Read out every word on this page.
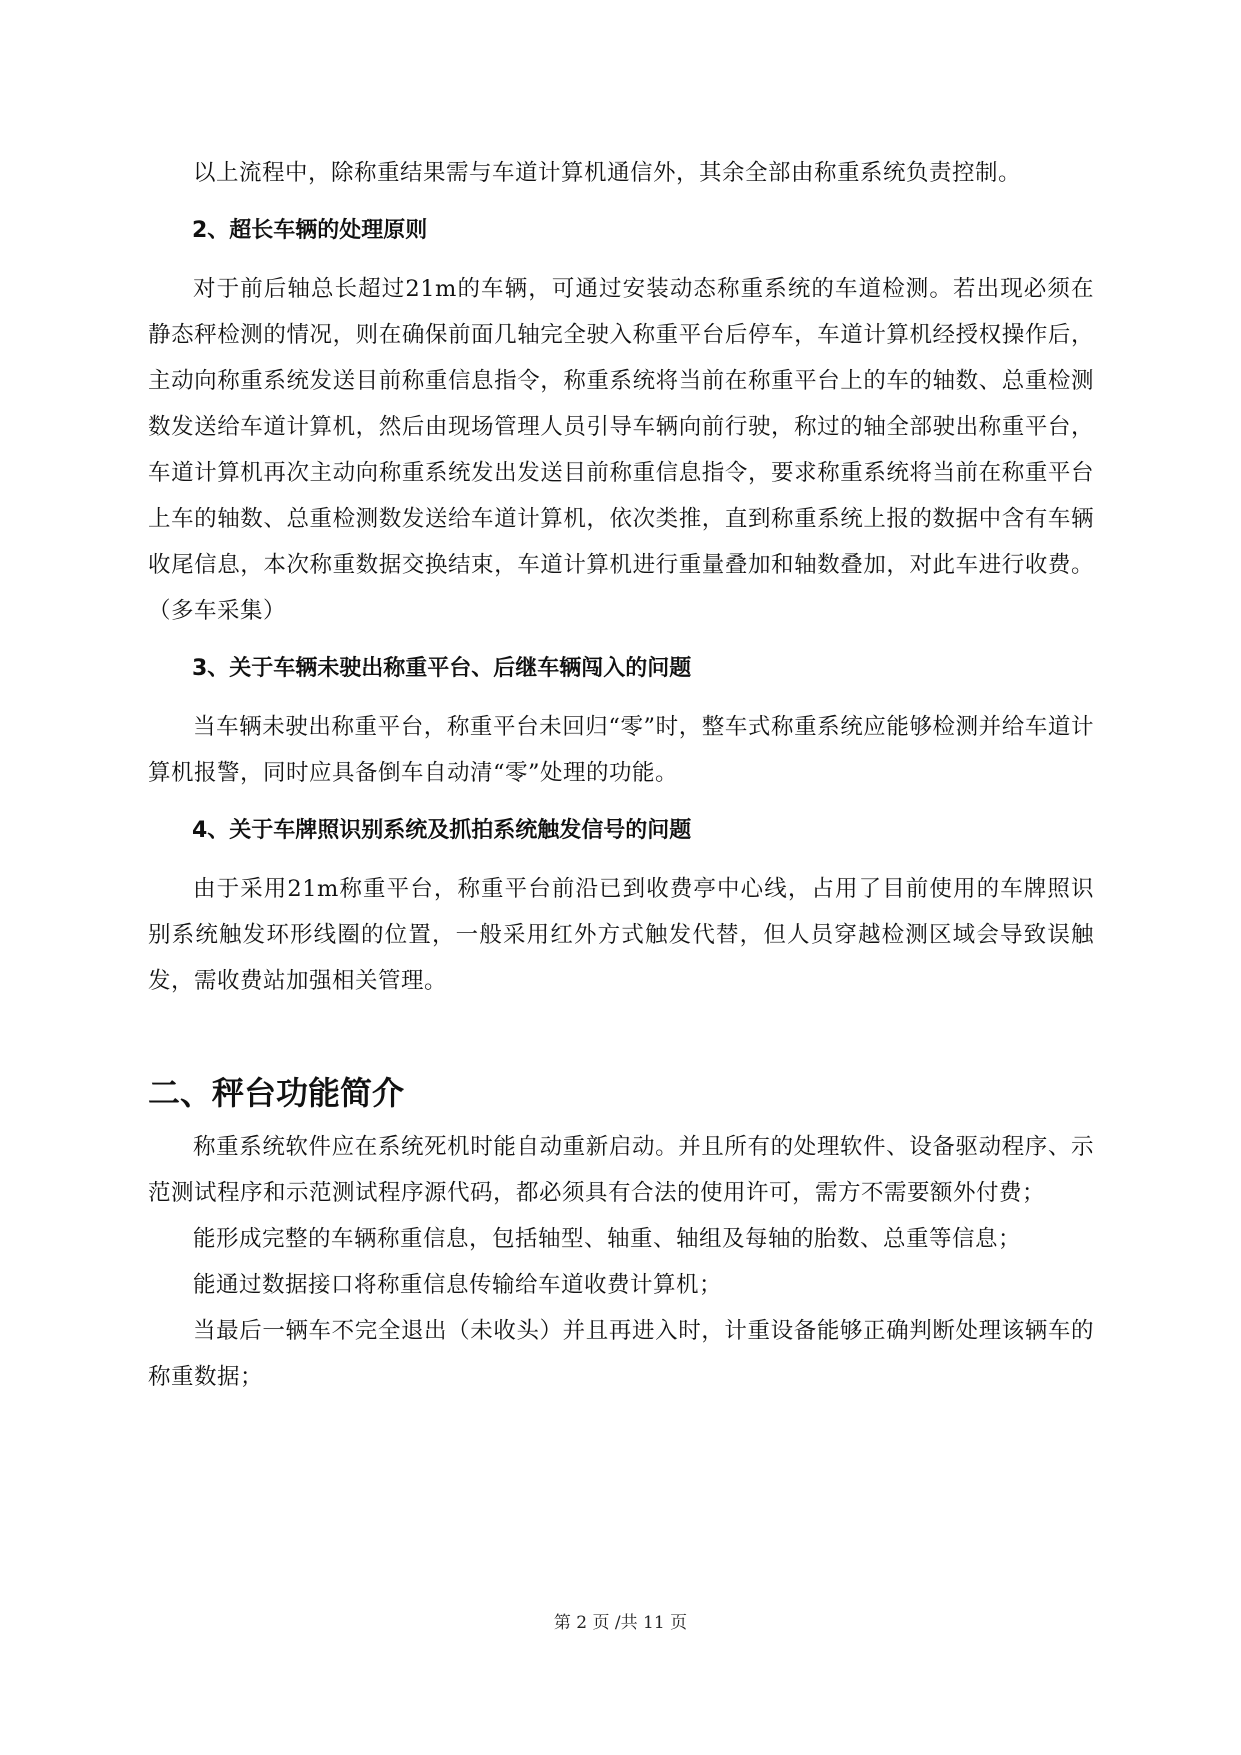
以上流程中，除称重结果需与车道计算机通信外，其余全部由称重系统负责控制。

2、超长车辆的处理原则

对于前后轴总长超过21m的车辆，可通过安装动态称重系统的车道检测。若出现必须在静态秤检测的情况，则在确保前面几轴完全驶入称重平台后停车，车道计算机经授权操作后，主动向称重系统发送目前称重信息指令，称重系统将当前在称重平台上的车的轴数、总重检测数发送给车道计算机，然后由现场管理人员引导车辆向前行驶，称过的轴全部驶出称重平台，车道计算机再次主动向称重系统发出发送目前称重信息指令，要求称重系统将当前在称重平台上车的轴数、总重检测数发送给车道计算机，依次类推，直到称重系统上报的数据中含有车辆收尾信息，本次称重数据交换结束，车道计算机进行重量叠加和轴数叠加，对此车进行收费。（多车采集）

3、关于车辆未驶出称重平台、后继车辆闯入的问题

当车辆未驶出称重平台，称重平台未回归“零”时，整车式称重系统应能够检测并给车道计算机报警，同时应具备倒车自动清“零”处理的功能。

4、关于车牌照识别系统及抓拍系统触发信号的问题

由于采用21m称重平台，称重平台前沿已到收费亭中心线，占用了目前使用的车牌照识别系统触发环形线圈的位置，一般采用红外方式触发代替，但人员穿越检测区域会导致误触发，需收费站加强相关管理。

二、秤台功能简介

称重系统软件应在系统死机时能自动重新启动。并且所有的处理软件、设备驱动程序、示范测试程序和示范测试程序源代码，都必须具有合法的使用许可，需方不需要额外付费；

能形成完整的车辆称重信息，包括轴型、轴重、轴组及每轴的胎数、总重等信息；

能通过数据接口将称重信息传输给车道收费计算机；

当最后一辆车不完全退出（未收头）并且再进入时，计重设备能够正确判断处理该辆车的称重数据；

第 2 页 /共 11 页
